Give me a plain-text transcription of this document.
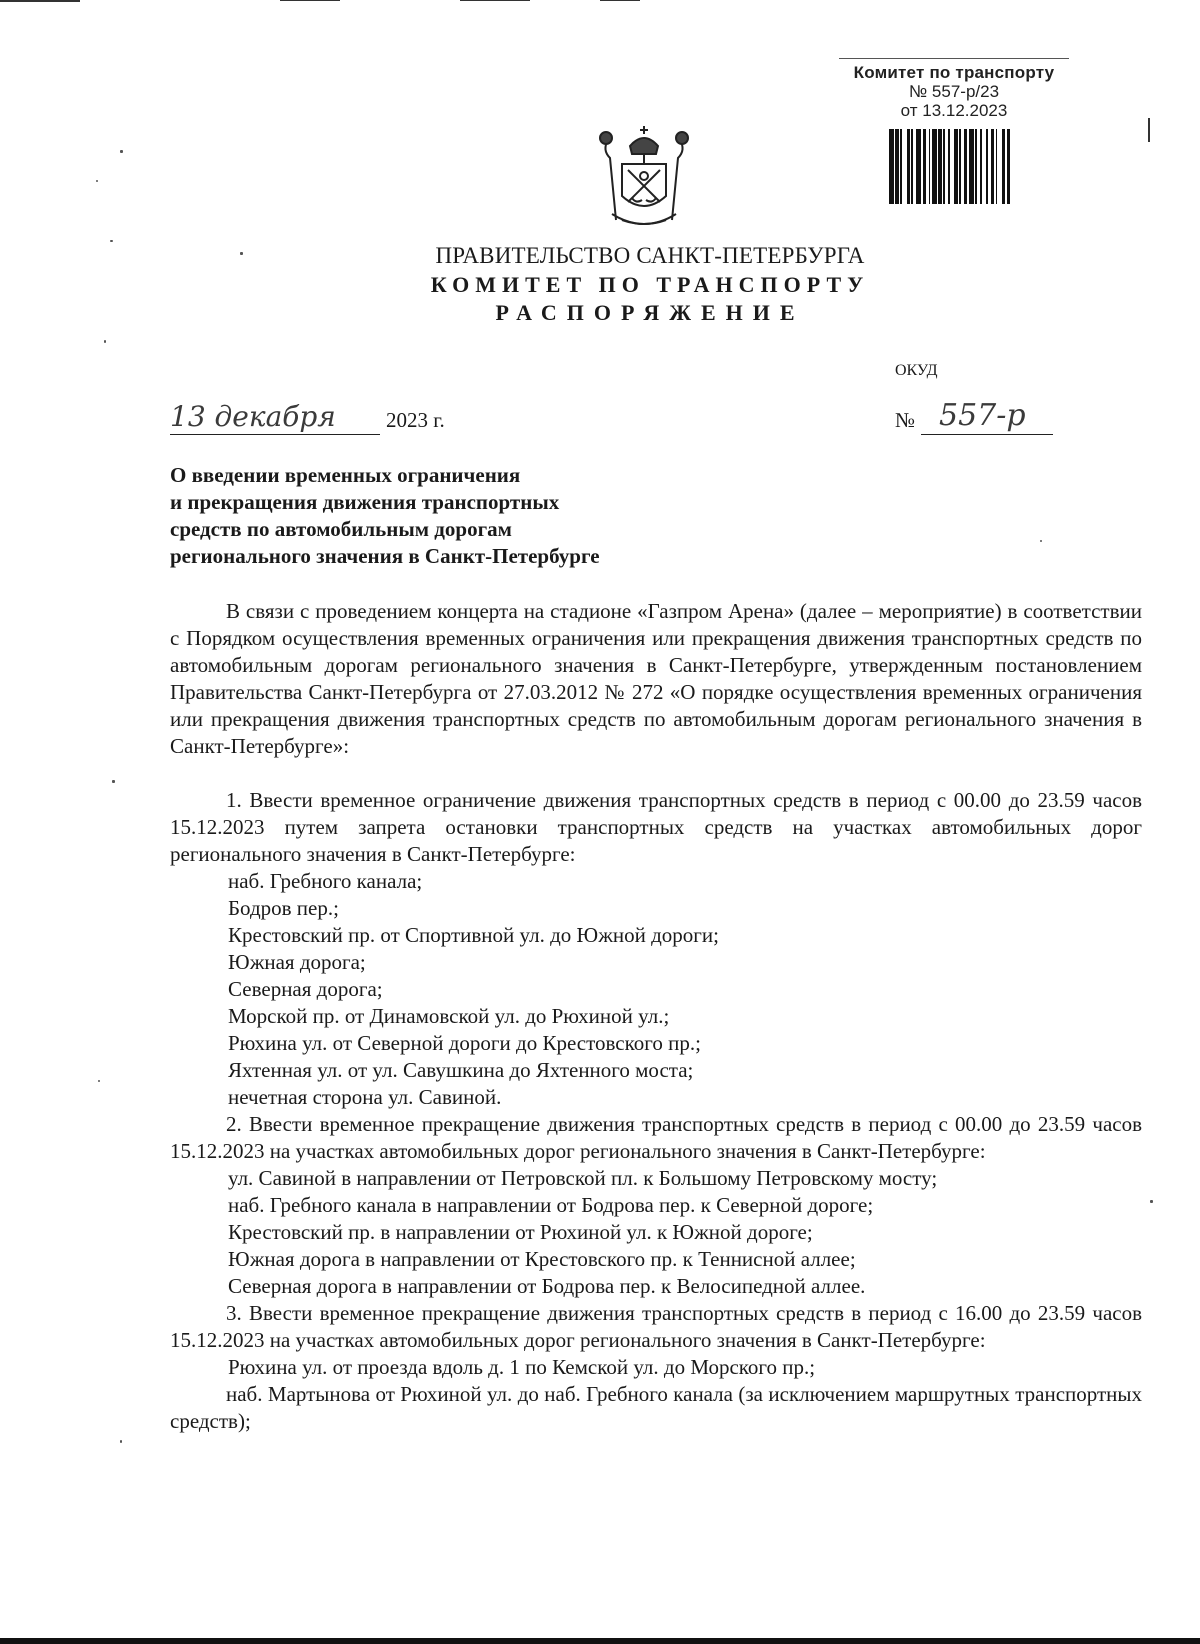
Комитет по транспорту
№ 557-р/23
от 13.12.2023
ПРАВИТЕЛЬСТВО САНКТ-ПЕТЕРБУРГА
КОМИТЕТ ПО ТРАНСПОРТУ
РАСПОРЯЖЕНИЕ
ОКУД
13 декабря	2023 г.	№ 557-р
О введении временных ограничения
и прекращения движения транспортных
средств по автомобильным дорогам
регионального значения в Санкт-Петербурге

В связи с проведением концерта на стадионе «Газпром Арена» (далее – мероприятие) в соответствии с Порядком осуществления временных ограничения или прекращения движения транспортных средств по автомобильным дорогам регионального значения в Санкт-Петербурге, утвержденным постановлением Правительства Санкт-Петербурга от 27.03.2012 № 272 «О порядке осуществления временных ограничения или прекращения движения транспортных средств по автомобильным дорогам регионального значения в Санкт-Петербурге»:

1. Ввести временное ограничение движения транспортных средств в период с 00.00 до 23.59 часов 15.12.2023 путем запрета остановки транспортных средств на участках автомобильных дорог регионального значения в Санкт-Петербурге:

наб. Гребного канала;

Бодров пер.;

Крестовский пр. от Спортивной ул. до Южной дороги;

Южная дорога;

Северная дорога;

Морской пр. от Динамовской ул. до Рюхиной ул.;

Рюхина ул. от Северной дороги до Крестовского пр.;

Яхтенная ул. от ул. Савушкина до Яхтенного моста;

нечетная сторона ул. Савиной.

2. Ввести временное прекращение движения транспортных средств в период с 00.00 до 23.59 часов 15.12.2023 на участках автомобильных дорог регионального значения в Санкт-Петербурге:

ул. Савиной в направлении от Петровской пл. к Большому Петровскому мосту;

наб. Гребного канала в направлении от Бодрова пер. к Северной дороге;

Крестовский пр. в направлении от Рюхиной ул. к Южной дороге;

Южная дорога в направлении от Крестовского пр. к Теннисной аллее;

Северная дорога в направлении от Бодрова пер. к Велосипедной аллее.

3. Ввести временное прекращение движения транспортных средств в период с 16.00 до 23.59 часов 15.12.2023 на участках автомобильных дорог регионального значения в Санкт-Петербурге:

Рюхина ул. от проезда вдоль д. 1 по Кемской ул. до Морского пр.;

наб. Мартынова от Рюхиной ул. до наб. Гребного канала (за исключением маршрутных транспортных средств);
